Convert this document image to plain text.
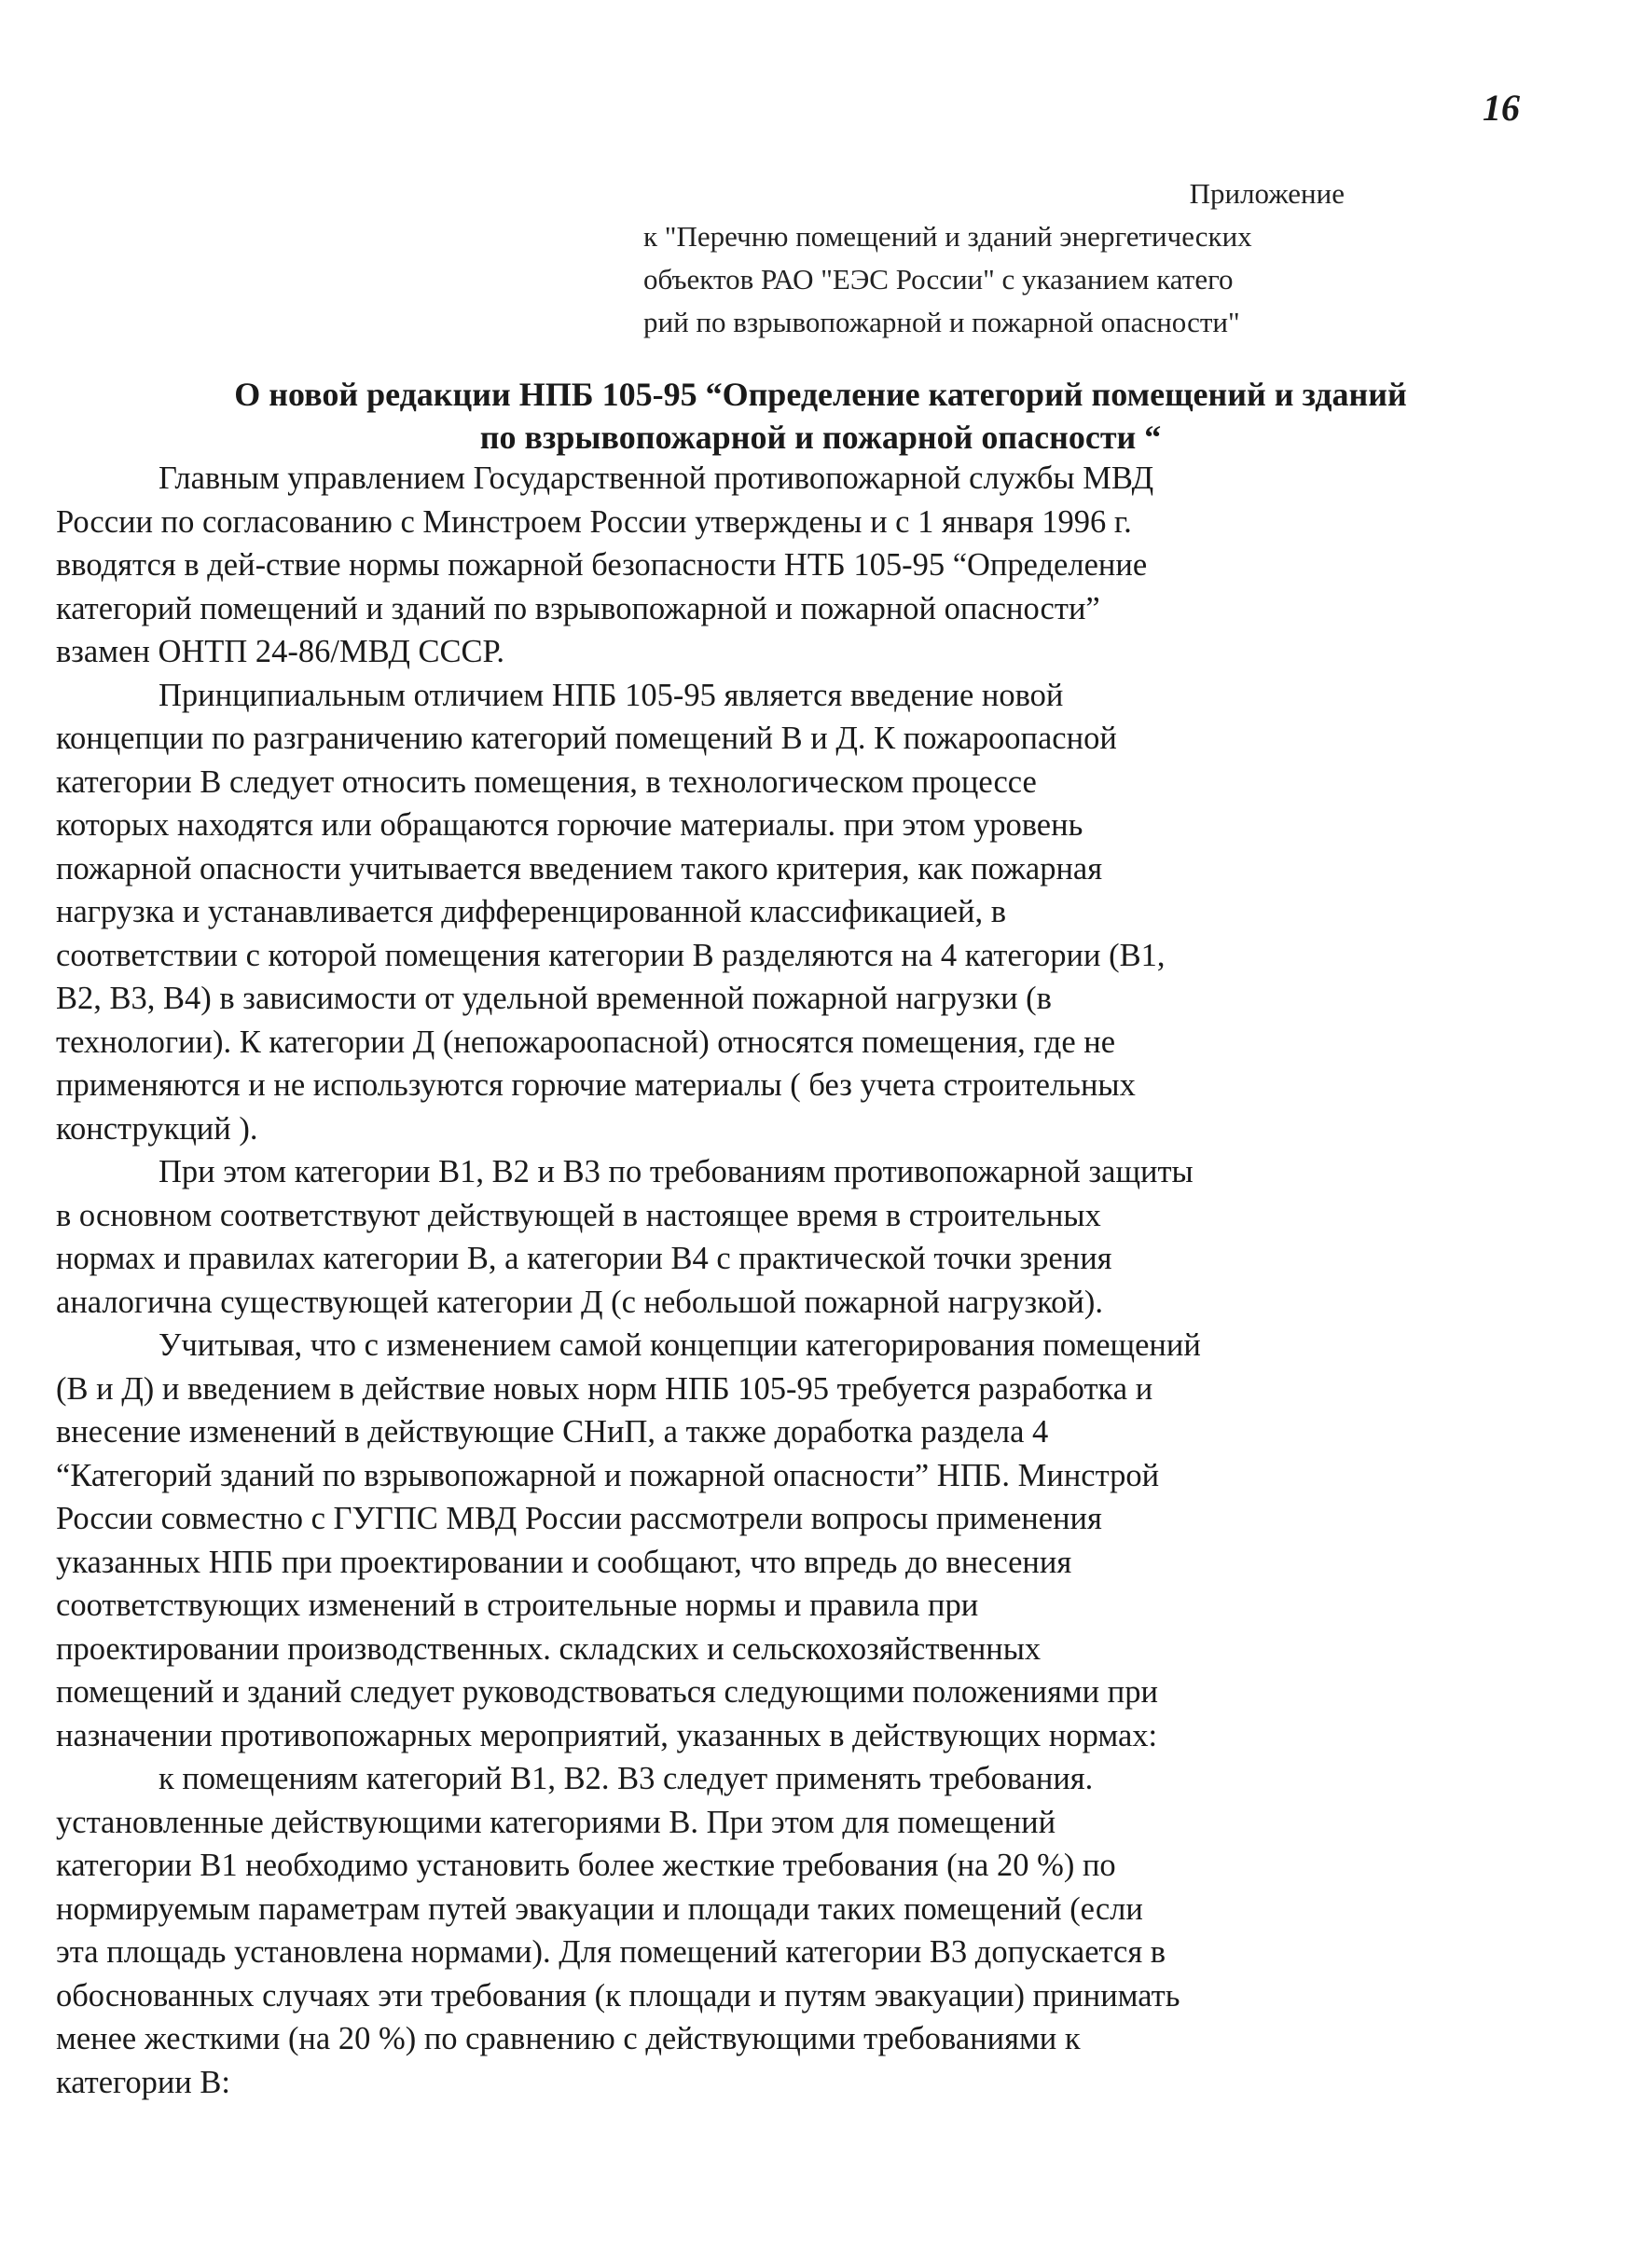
16
Приложение
к "Перечню помещений и зданий энергетических
объектов РАО "ЕЭС России" с указанием катего
рий по взрывопожарной и пожарной опасности"
О новой редакции НПБ 105-95 “Определение категорий помещений и зданий
по взрывопожарной и пожарной опасности “
Главным управлением Государственной противопожарной службы МВД
России по согласованию с Минстроем России утверждены и с 1 января 1996 г.
вводятся в дей-ствие нормы пожарной безопасности НТБ 105-95 “Определение
категорий помещений и зданий по взрывопожарной и пожарной опасности”
взамен ОНТП 24-86/МВД СССР.
Принципиальным отличием НПБ 105-95 является введение новой
концепции по разграничению категорий помещений В и Д. К пожароопасной
категории В следует относить помещения, в технологическом процессе
которых находятся или обращаются горючие материалы. при этом уровень
пожарной опасности учитывается введением такого критерия, как пожарная
нагрузка и устанавливается дифференцированной классификацией, в
соответствии с которой помещения категории В разделяются на 4 категории (В1,
В2, В3, В4) в зависимости от удельной временной пожарной нагрузки (в
технологии). К категории Д (непожароопасной) относятся помещения, где не
применяются и не используются горючие материалы ( без учета строительных
конструкций ).
При этом категории В1, В2 и В3 по требованиям противопожарной защиты
в основном соответствуют действующей в настоящее время в строительных
нормах и правилах категории В, а категории В4 с практической точки зрения
аналогична существующей категории Д (с небольшой пожарной нагрузкой).
Учитывая, что с изменением самой концепции категорирования помещений
(В и Д) и введением в действие новых норм НПБ 105-95 требуется разработка и
внесение изменений в действующие СНиП, а также доработка раздела 4
“Категорий зданий по взрывопожарной и пожарной опасности” НПБ. Минстрой
России совместно с ГУГПС МВД России рассмотрели вопросы применения
указанных НПБ при проектировании и сообщают, что впредь до внесения
соответствующих изменений в строительные нормы и правила при
проектировании производственных. складских и сельскохозяйственных
помещений и зданий следует руководствоваться следующими положениями при
назначении противопожарных мероприятий, указанных в действующих нормах:
к помещениям категорий В1, В2. В3 следует применять требования.
установленные действующими категориями В. При этом для помещений
категории В1 необходимо установить более жесткие требования (на 20 %) по
нормируемым параметрам путей эвакуации и площади таких помещений (если
эта площадь установлена нормами). Для помещений категории В3 допускается в
обоснованных случаях эти требования (к площади и путям эвакуации) принимать
менее жесткими (на 20 %) по сравнению с действующими требованиями к
категории В:
